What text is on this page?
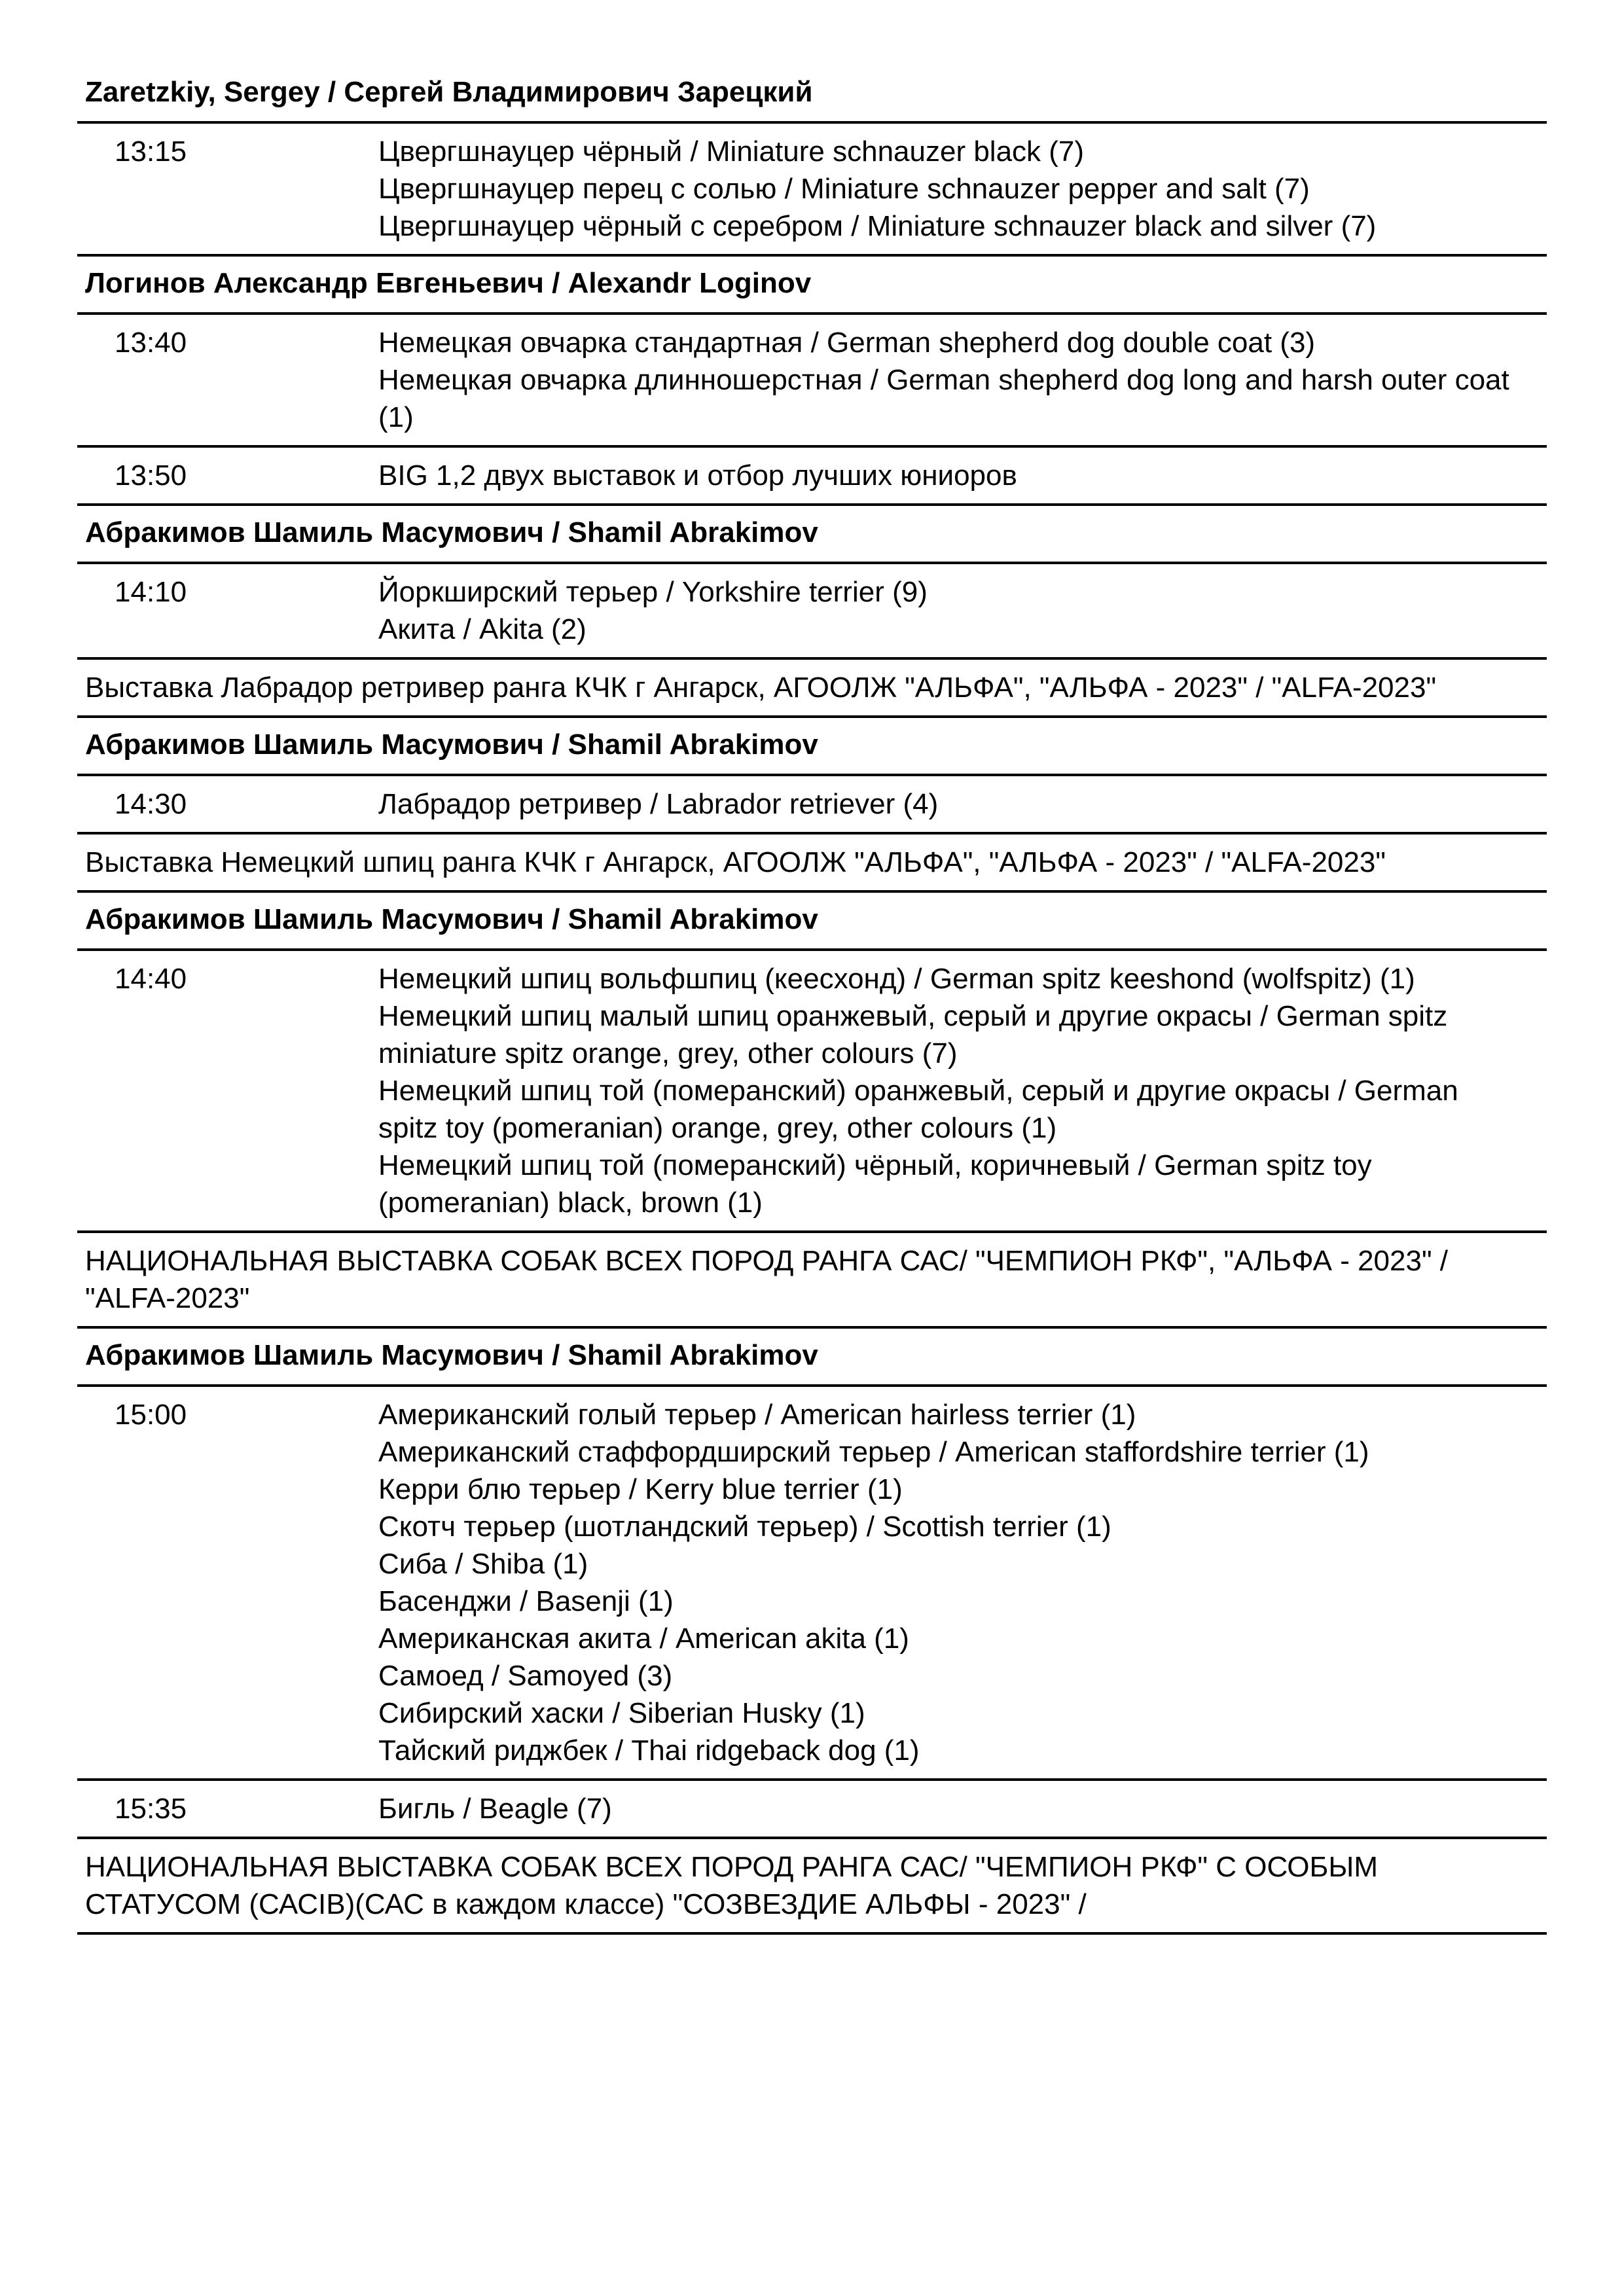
Zaretzkiy, Sergey / Сергей Владимирович Зарецкий
13:15	Цвергшнауцер чёрный / Miniature schnauzer black (7)
Цвергшнауцер перец с солью / Miniature schnauzer pepper and salt (7)
Цвергшнауцер чёрный с серебром / Miniature schnauzer black and silver (7)
Логинов Александр Евгеньевич / Alexandr Loginov
13:40	Немецкая овчарка стандартная / German shepherd dog double coat (3)
Немецкая овчарка длинношерстная / German shepherd dog long and harsh outer coat (1)
13:50	BIG 1,2 двух выставок и отбор лучших юниоров
Абракимов Шамиль Масумович / Shamil Abrakimov
14:10	Йоркширский терьер / Yorkshire terrier (9)
Акита / Akita (2)
Выставка Лабрадор ретривер ранга КЧК г Ангарск, АГООЛЖ "АЛЬФА", "АЛЬФА - 2023" / "ALFA-2023"
Абракимов Шамиль Масумович / Shamil Abrakimov
14:30	Лабрадор ретривер / Labrador retriever (4)
Выставка Немецкий шпиц ранга КЧК г Ангарск, АГООЛЖ "АЛЬФА", "АЛЬФА - 2023" / "ALFA-2023"
Абракимов Шамиль Масумович / Shamil Abrakimov
14:40	Немецкий шпиц вольфшпиц (кеесхонд) / German spitz keeshond (wolfspitz) (1)
Немецкий шпиц малый шпиц оранжевый, серый и другие окрасы / German spitz miniature spitz orange, grey, other colours (7)
Немецкий шпиц той (померанский) оранжевый, серый и другие окрасы / German spitz toy (pomeranian) orange, grey, other colours (1)
Немецкий шпиц той (померанский) чёрный, коричневый / German spitz toy (pomeranian) black, brown (1)
НАЦИОНАЛЬНАЯ ВЫСТАВКА СОБАК ВСЕХ ПОРОД РАНГА САС/ "ЧЕМПИОН РКФ", "АЛЬФА - 2023" / "ALFA-2023"
Абракимов Шамиль Масумович / Shamil Abrakimov
15:00	Американский голый терьер / American hairless terrier (1)
Американский стаффордширский терьер / American staffordshire terrier (1)
Керри блю терьер / Kerry blue terrier (1)
Скотч терьер (шотландский терьер) / Scottish terrier (1)
Сиба / Shiba (1)
Басенджи / Basenji (1)
Американская акита / American akita (1)
Самоед / Samoyed (3)
Сибирский хаски / Siberian Husky (1)
Тайский риджбек / Thai ridgeback dog (1)
15:35	Бигль / Beagle (7)
НАЦИОНАЛЬНАЯ ВЫСТАВКА СОБАК ВСЕХ ПОРОД РАНГА САС/ "ЧЕМПИОН РКФ" С ОСОБЫМ СТАТУСОМ (САСIB)(САС в каждом классе) "СОЗВЕЗДИЕ АЛЬФЫ - 2023" /
